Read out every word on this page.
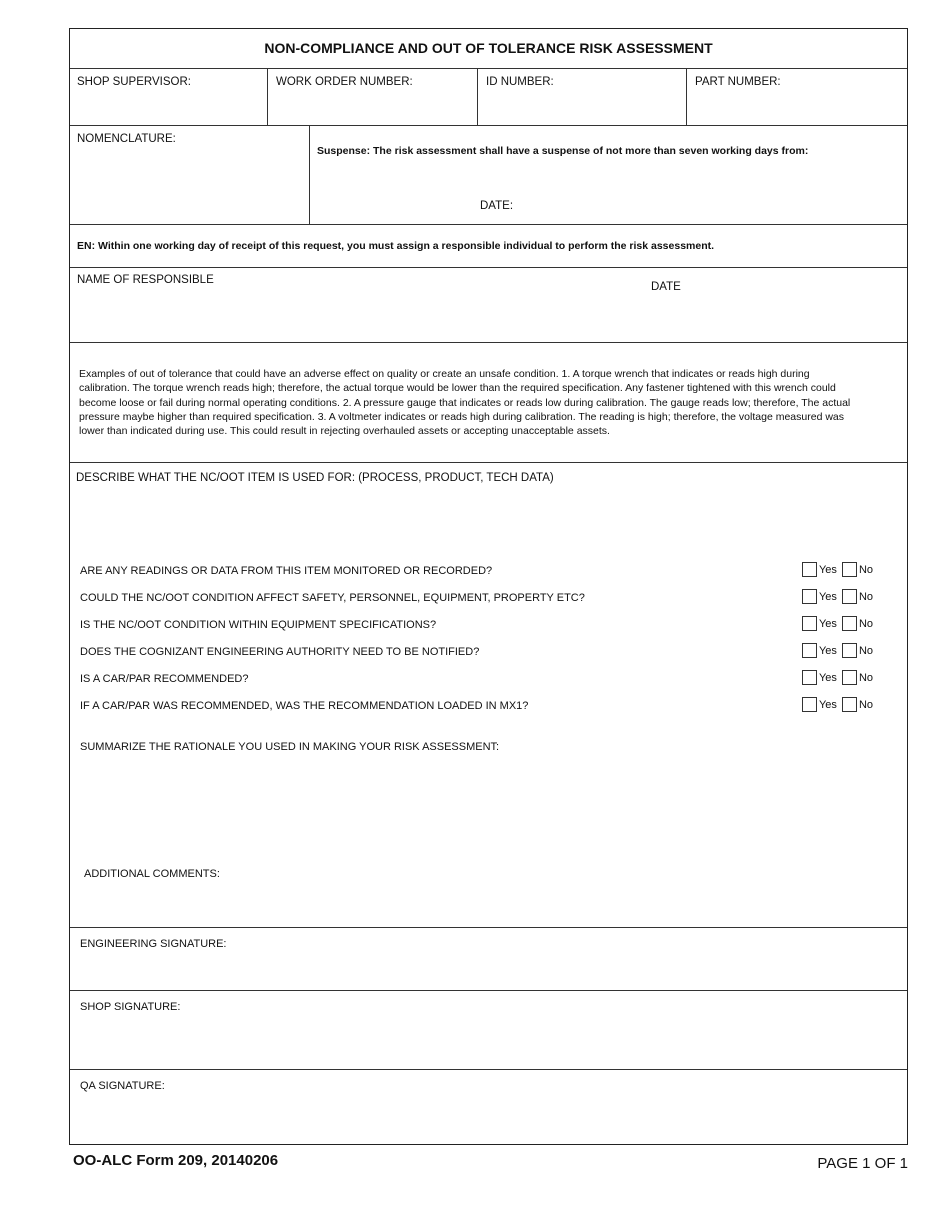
NON-COMPLIANCE AND OUT OF TOLERANCE RISK ASSESSMENT
SHOP SUPERVISOR:	WORK ORDER NUMBER:	ID NUMBER:	PART NUMBER:
NOMENCLATURE:
Suspense: The risk assessment shall have a suspense of not more than seven working days from:
DATE:
EN: Within one working day of receipt of this request, you must assign a responsible individual to perform the risk assessment.
NAME OF RESPONSIBLE
DATE
Examples of out of tolerance that could have an adverse effect on quality or create an unsafe condition. 1. A torque wrench that indicates or reads high during calibration. The torque wrench reads high; therefore, the actual torque would be lower than the required specification. Any fastener tightened with this wrench could become loose or fail during normal operating conditions. 2. A pressure gauge that indicates or reads low during calibration. The gauge reads low; therefore, The actual pressure maybe higher than required specification. 3. A voltmeter indicates or reads high during calibration. The reading is high; therefore, the voltage measured was lower than indicated during use. This could result in rejecting overhauled assets or accepting unacceptable assets.
DESCRIBE WHAT THE NC/OOT ITEM IS USED FOR: (PROCESS, PRODUCT, TECH DATA)
ARE ANY READINGS OR DATA FROM THIS ITEM MONITORED OR RECORDED?	Yes No
COULD THE NC/OOT CONDITION AFFECT SAFETY, PERSONNEL, EQUIPMENT, PROPERTY ETC?	Yes No
IS THE NC/OOT CONDITION WITHIN EQUIPMENT SPECIFICATIONS?	Yes No
DOES THE COGNIZANT ENGINEERING AUTHORITY NEED TO BE NOTIFIED?	Yes No
IS A CAR/PAR RECOMMENDED?	Yes No
IF A CAR/PAR WAS RECOMMENDED, WAS THE RECOMMENDATION LOADED IN MX1?	Yes No
SUMMARIZE THE RATIONALE YOU USED IN MAKING YOUR RISK ASSESSMENT:
ADDITIONAL COMMENTS:
ENGINEERING SIGNATURE:
SHOP SIGNATURE:
QA SIGNATURE:
OO-ALC Form 209, 20140206	PAGE 1 OF 1
